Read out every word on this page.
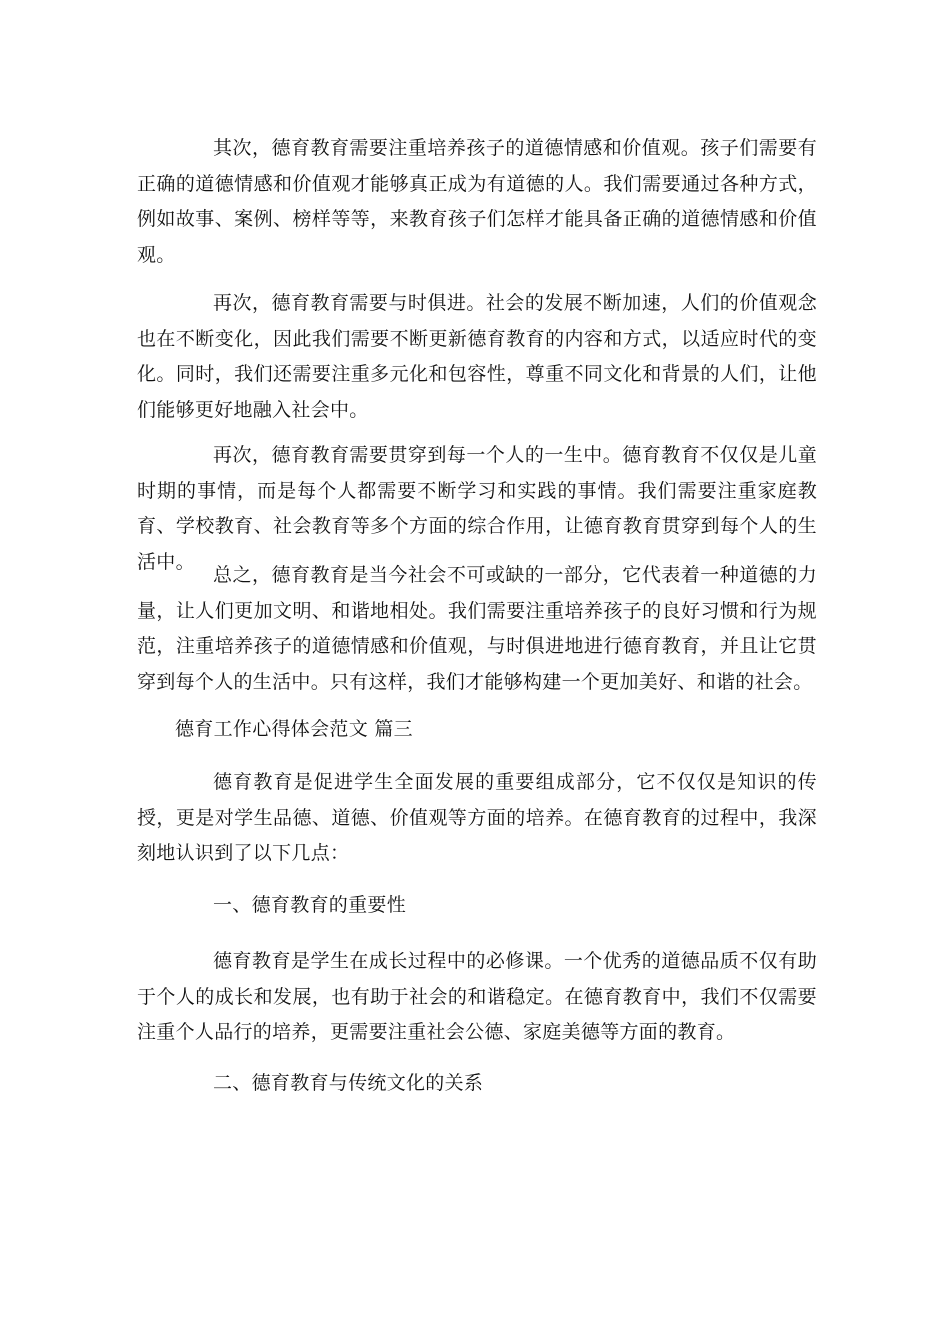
其次，德育教育需要注重培养孩子的道德情感和价值观。孩子们需要有正确的道德情感和价值观才能够真正成为有道德的人。我们需要通过各种方式，例如故事、案例、榜样等等，来教育孩子们怎样才能具备正确的道德情感和价值观。

再次，德育教育需要与时俱进。社会的发展不断加速，人们的价值观念也在不断变化，因此我们需要不断更新德育教育的内容和方式，以适应时代的变化。同时，我们还需要注重多元化和包容性，尊重不同文化和背景的人们，让他们能够更好地融入社会中。

再次，德育教育需要贯穿到每一个人的一生中。德育教育不仅仅是儿童时期的事情，而是每个人都需要不断学习和实践的事情。我们需要注重家庭教育、学校教育、社会教育等多个方面的综合作用，让德育教育贯穿到每个人的生活中。

总之，德育教育是当今社会不可或缺的一部分，它代表着一种道德的力量，让人们更加文明、和谐地相处。我们需要注重培养孩子的良好习惯和行为规范，注重培养孩子的道德情感和价值观，与时俱进地进行德育教育，并且让它贯穿到每个人的生活中。只有这样，我们才能够构建一个更加美好、和谐的社会。

德育工作心得体会范文 篇三

德育教育是促进学生全面发展的重要组成部分，它不仅仅是知识的传授，更是对学生品德、道德、价值观等方面的培养。在德育教育的过程中，我深刻地认识到了以下几点：

一、德育教育的重要性

德育教育是学生在成长过程中的必修课。一个优秀的道德品质不仅有助于个人的成长和发展，也有助于社会的和谐稳定。在德育教育中，我们不仅需要注重个人品行的培养，更需要注重社会公德、家庭美德等方面的教育。

二、德育教育与传统文化的关系
